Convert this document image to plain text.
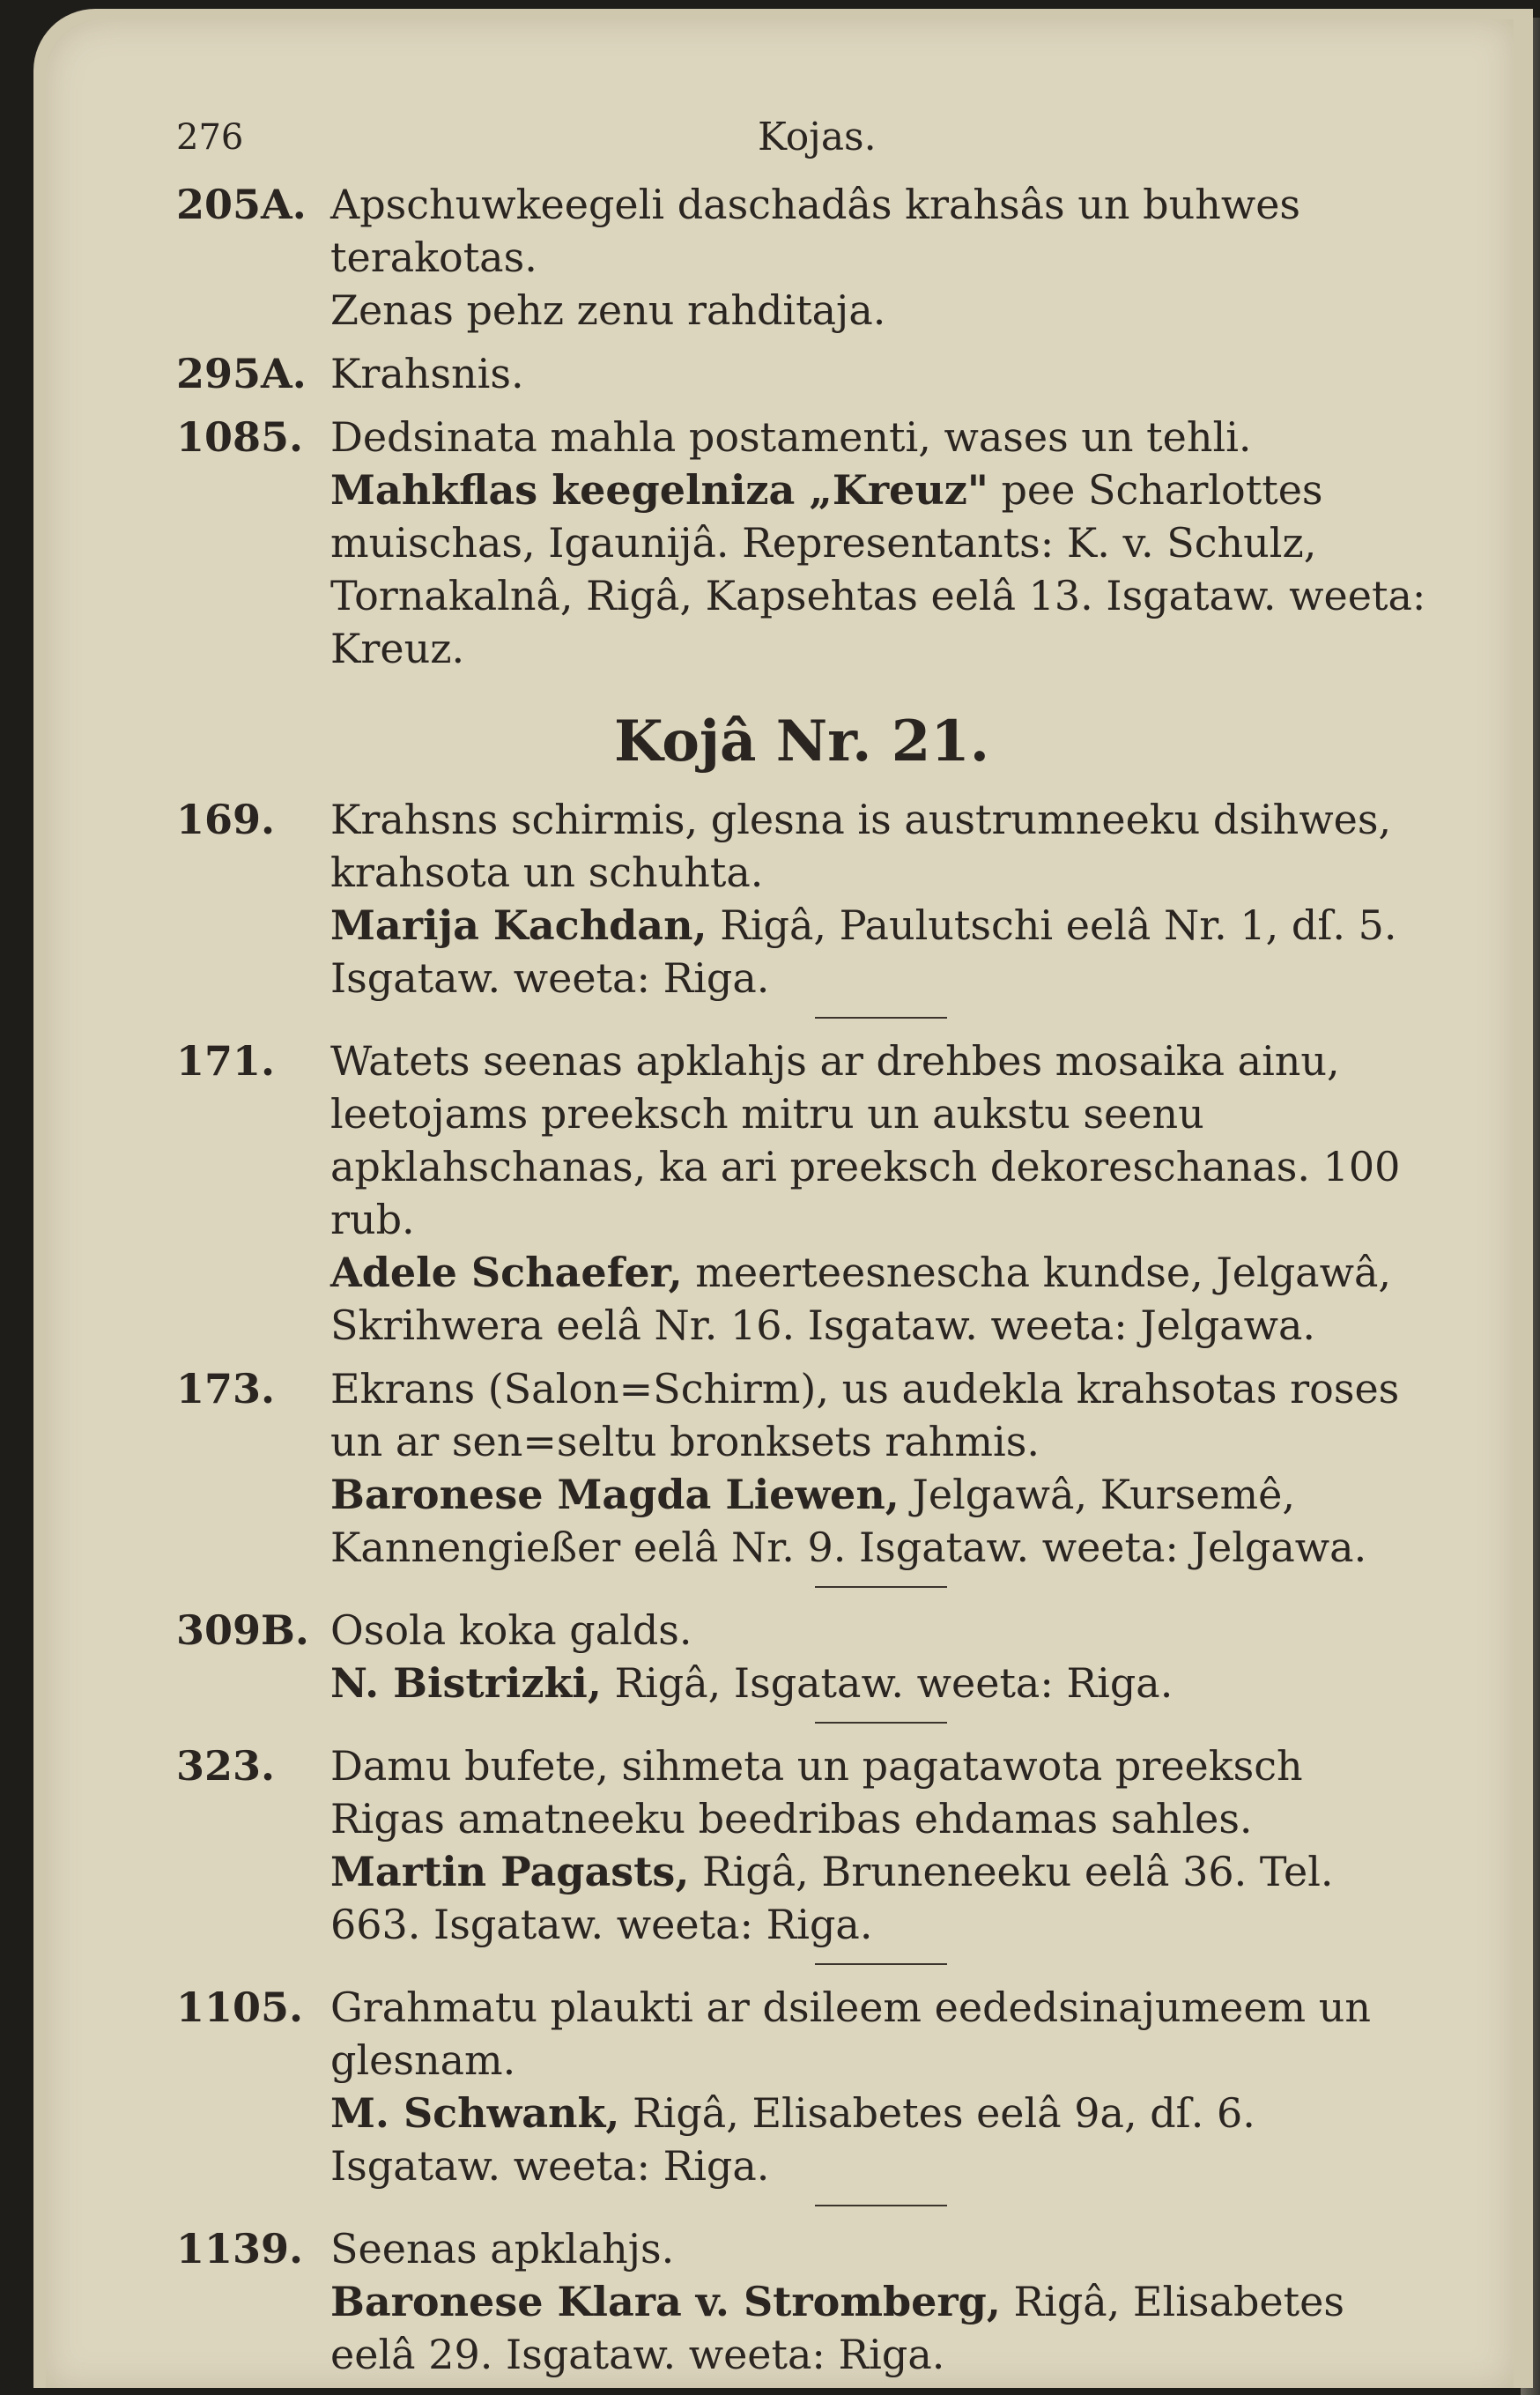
276	Kojas.
205A. Apschuwkeegeli daschadâs krahsâs un buhwes terakotas.
Zenas pehz zenu rahditaja.
295A. Krahsnis.
1085. Dedsinata mahla postamenti, wases un tehli.
Mahkflas keegelniza „Kreuz" pee Scharlottes muischas, Igaunijâ. Representants: K. v. Schulz, Tornakalnâ, Rigâ, Kapsehtas eelâ 13. Isgataw. weeta: Kreuz.
Kojâ Nr. 21.
169. Krahsns schirmis, glesna is austrumneeku dsihwes, krahsota un schuhta.
Marija Kachdan, Rigâ, Paulutschi eelâ Nr. 1, dſ. 5. Isgataw. weeta: Riga.
171. Watets seenas apklahjs ar drehbes mosaika ainu, leetojams preeksch mitru un aukstu seenu apklahschanas, ka ari preeksch dekoreschanas. 100 rub.
Adele Schaefer, meerteesnescha kundse, Jelgawâ, Skrihwera eelâ Nr. 16. Isgataw. weeta: Jelgawa.
173. Ekrans (Salon=Schirm), us audekla krahsotas roses un ar sen=seltu bronksets rahmis.
Baronese Magda Liewen, Jelgawâ, Kursemê, Kannengießer eelâ Nr. 9. Isgataw. weeta: Jelgawa.
309B. Osola koka galds.
N. Bistrizki, Rigâ, Isgataw. weeta: Riga.
323. Damu bufete, sihmeta un pagatawota preeksch Rigas amatneeku beedribas ehdamas sahles.
Martin Pagasts, Rigâ, Bruneneeku eelâ 36. Tel. 663. Isgataw. weeta: Riga.
1105. Grahmatu plaukti ar dsileem eededsinajumeem un glesnam.
M. Schwank, Rigâ, Elisabetes eelâ 9a, dſ. 6. Isgataw. weeta: Riga.
1139. Seenas apklahjs.
Baronese Klara v. Stromberg, Rigâ, Elisabetes eelâ 29. Isgataw. weeta: Riga.
